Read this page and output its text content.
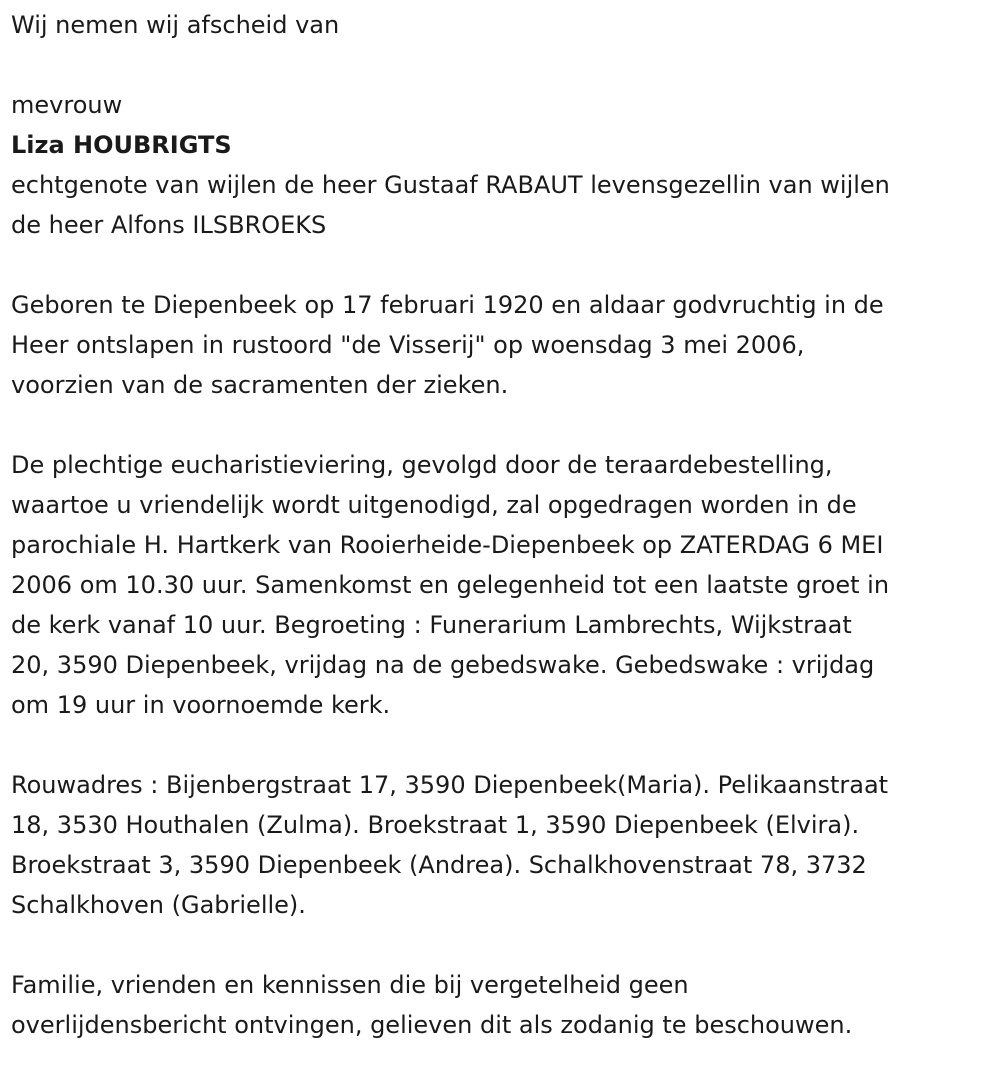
Wij nemen wij afscheid van

mevrouw

Liza HOUBRIGTS

echtgenote van wijlen de heer Gustaaf RABAUT levensgezellin van wijlen
de heer Alfons ILSBROEKS

Geboren te Diepenbeek op 17 februari 1920 en aldaar godvruchtig in de
Heer ontslapen in rustoord "de Visserij" op woensdag 3 mei 2006,
voorzien van de sacramenten der zieken.

De plechtige eucharistieviering, gevolgd door de teraardebestelling,
waartoe u vriendelijk wordt uitgenodigd, zal opgedragen worden in de
parochiale H. Hartkerk van Rooierheide-Diepenbeek op ZATERDAG 6 MEI
2006 om 10.30 uur. Samenkomst en gelegenheid tot een laatste groet in
de kerk vanaf 10 uur. Begroeting : Funerarium Lambrechts, Wijkstraat
20, 3590 Diepenbeek, vrijdag na de gebedswake. Gebedswake : vrijdag
om 19 uur in voornoemde kerk.

Rouwadres : Bijenbergstraat 17, 3590 Diepenbeek(Maria). Pelikaanstraat
18, 3530 Houthalen (Zulma). Broekstraat 1, 3590 Diepenbeek (Elvira).
Broekstraat 3, 3590 Diepenbeek (Andrea). Schalkhovenstraat 78, 3732
Schalkhoven (Gabrielle).

Familie, vrienden en kennissen die bij vergetelheid geen
overlijdensbericht ontvingen, gelieven dit als zodanig te beschouwen.
